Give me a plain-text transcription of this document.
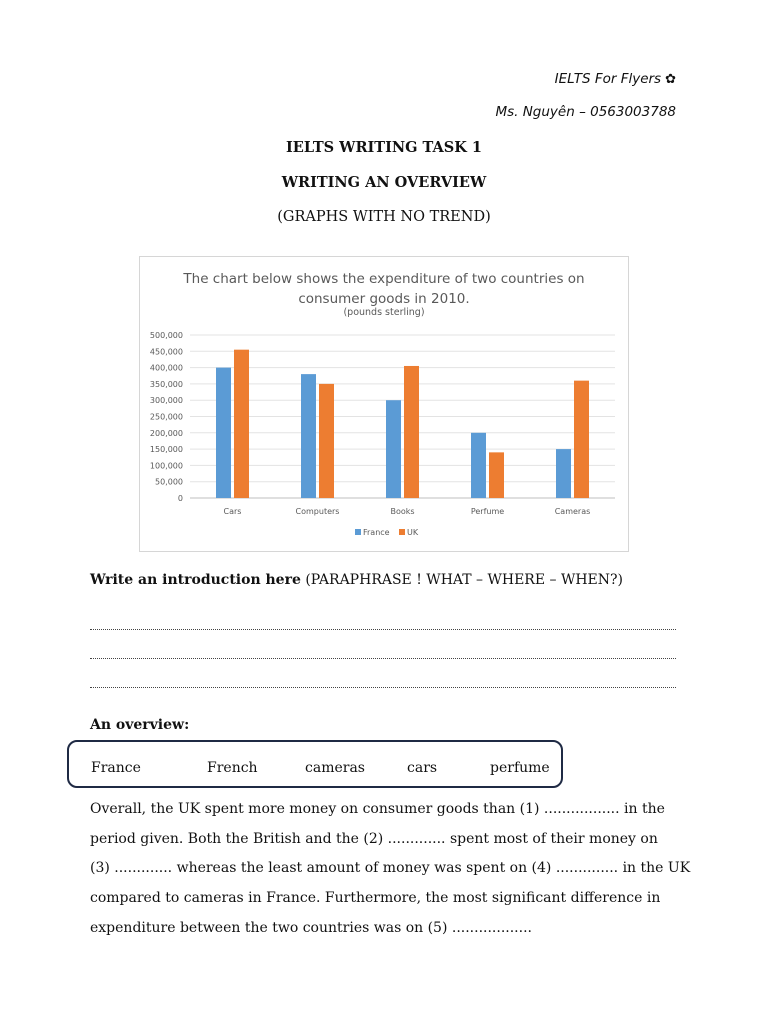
IELTS For Flyers ✿
Ms. Nguyên – 0563003788
IELTS WRITING TASK 1
WRITING AN OVERVIEW
(GRAPHS WITH NO TREND)
The chart below shows the expenditure of two countries on
consumer goods in 2010.
(pounds sterling)
0
50,000
100,000
150,000
200,000
250,000
300,000
350,000
400,000
450,000
500,000
Cars	Computers	Books	Perfume	Cameras
France UK
Write an introduction here (PARAPHRASE ! WHAT – WHERE – WHEN?)
An overview:
France	French	cameras	cars	perfume
Overall, the UK spent more money on consumer goods than (1) ................. in the
period given. Both the British and the (2) ............. spent most of their money on
(3) ............. whereas the least amount of money was spent on (4) .............. in the UK
compared to cameras in France. Furthermore, the most significant difference in
expenditure between the two countries was on (5) ..................
